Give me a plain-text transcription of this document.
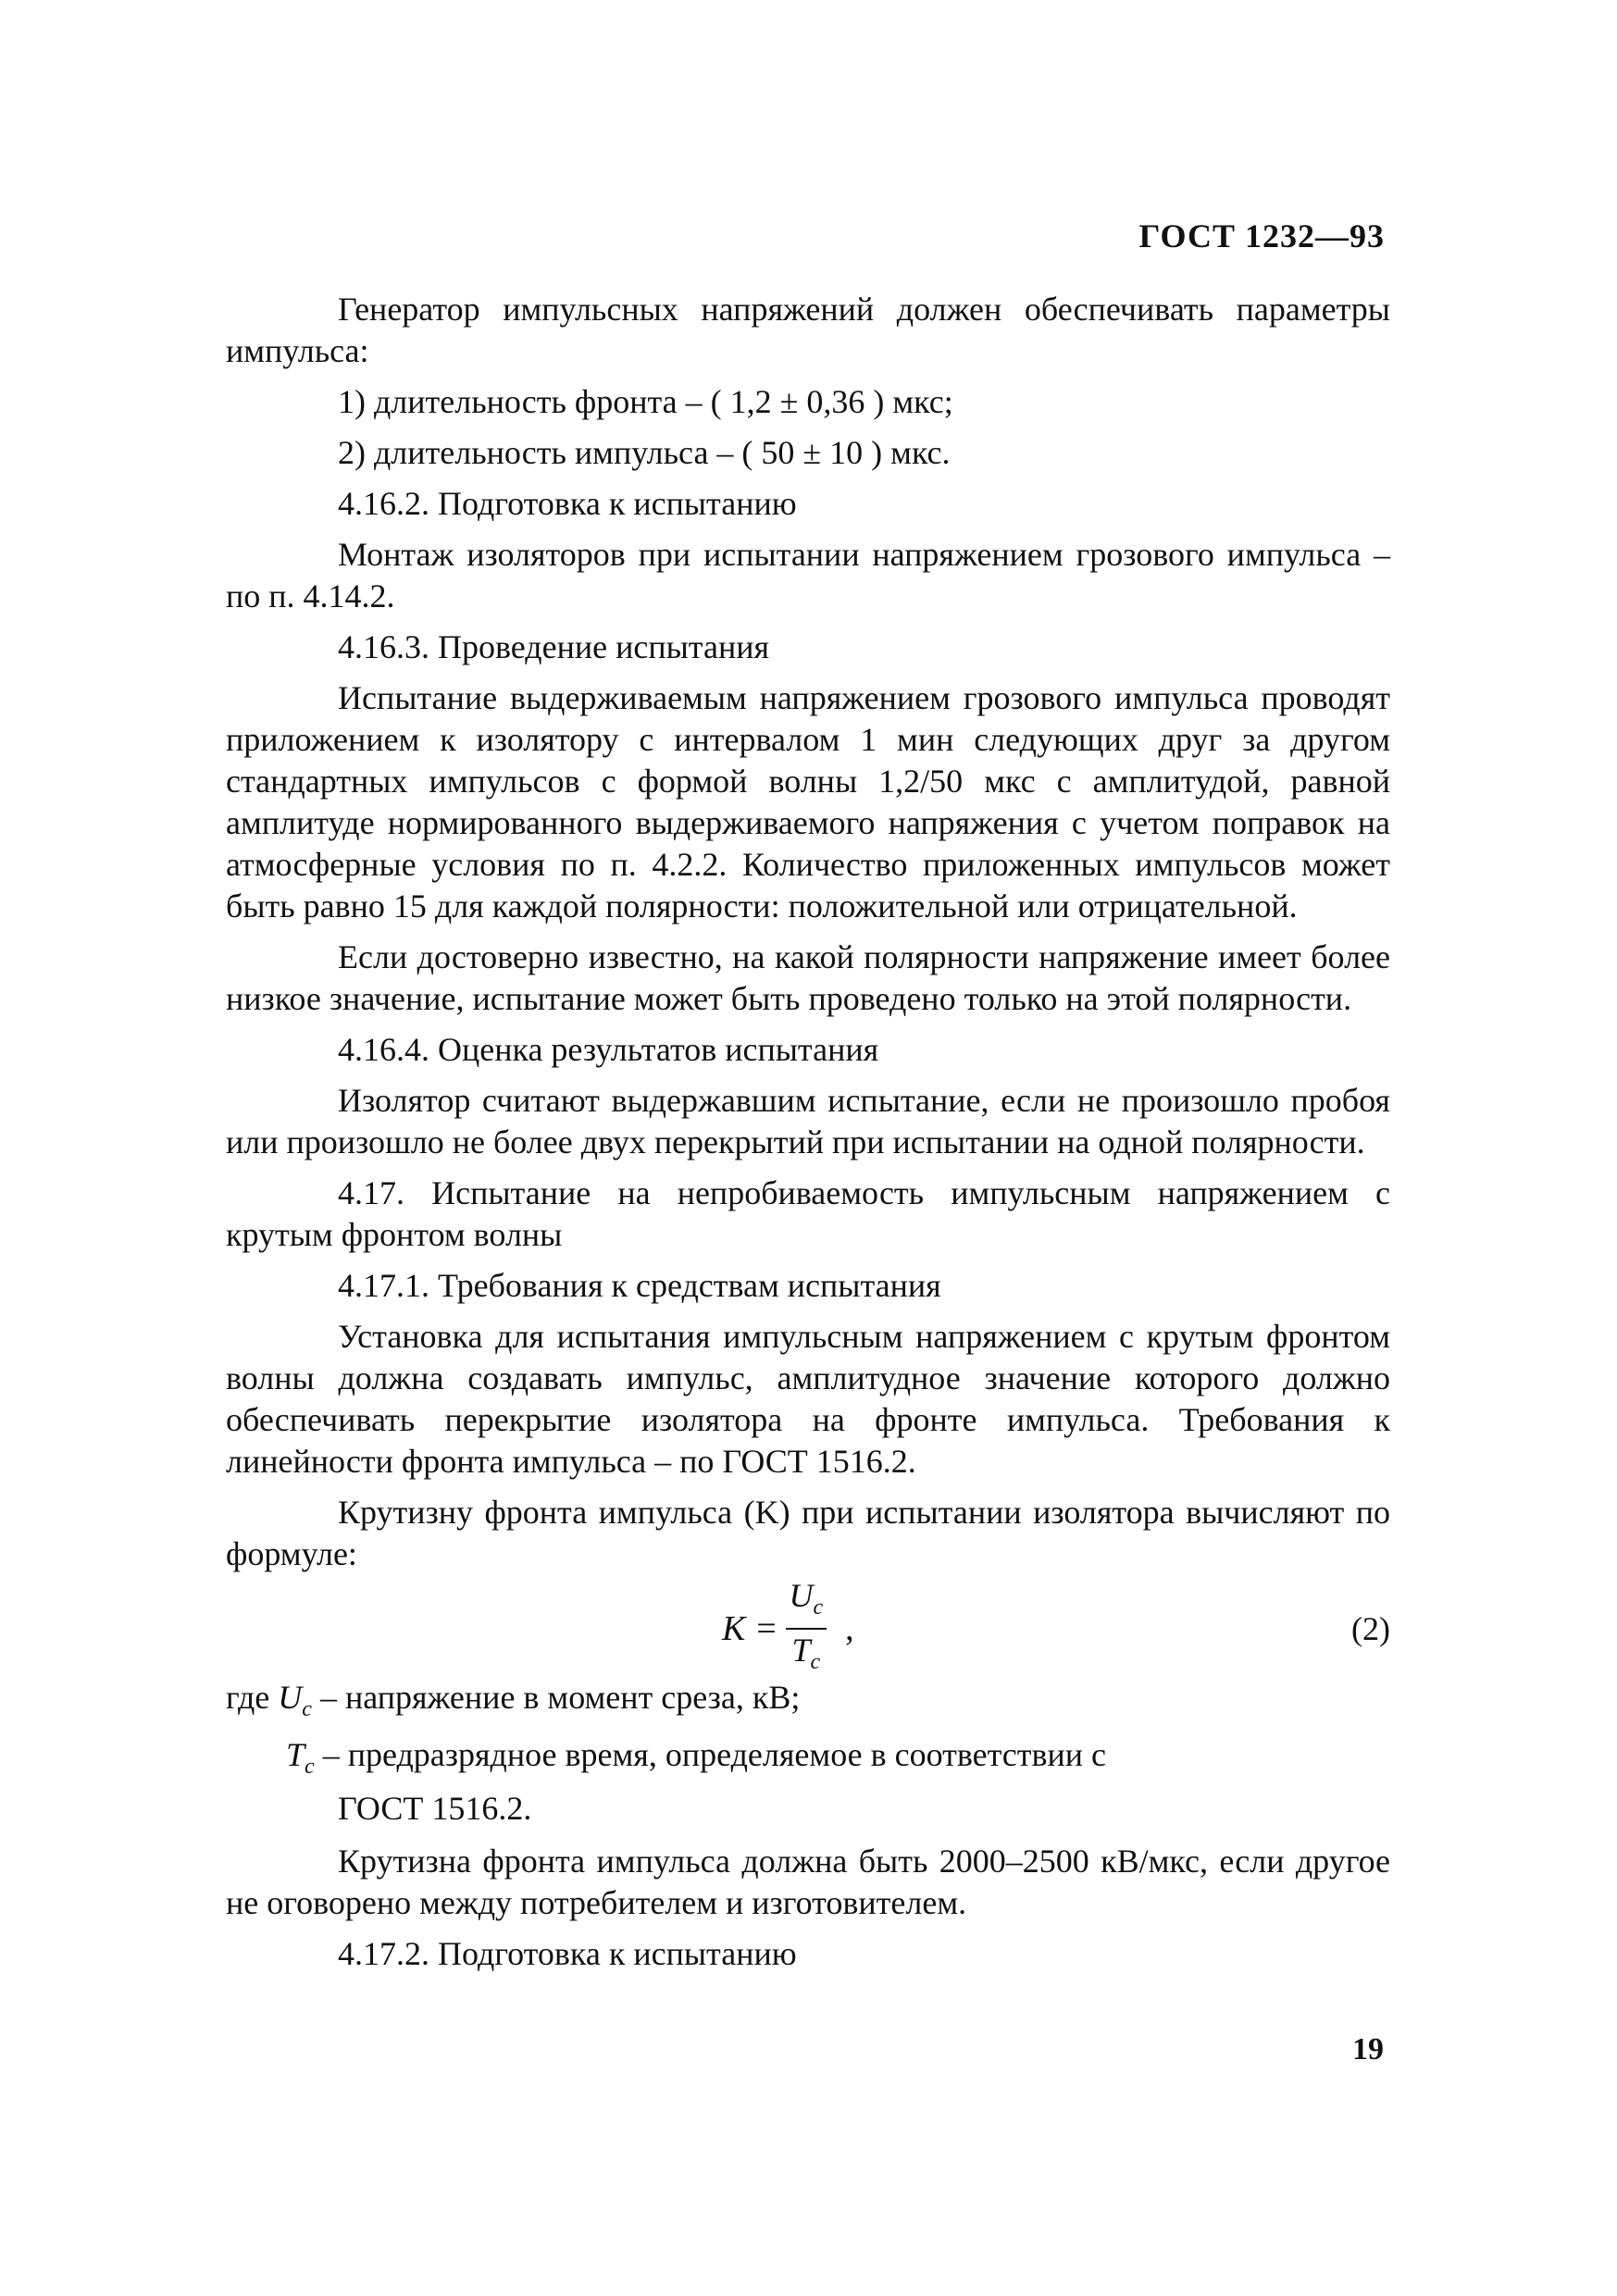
ГОСТ 1232—93

Генератор импульсных напряжений должен обеспечивать параметры импульса:

1) длительность фронта – ( 1,2 ± 0,36 ) мкс;

2) длительность импульса – ( 50 ± 10 ) мкс.

4.16.2. Подготовка к испытанию

Монтаж изоляторов при испытании напряжением грозового импульса – по п. 4.14.2.

4.16.3. Проведение испытания

Испытание выдерживаемым напряжением грозового импульса проводят приложением к изолятору с интервалом 1 мин следующих друг за другом стандартных импульсов с формой волны 1,2/50 мкс с амплитудой, равной амплитуде нормированного выдерживаемого напряжения с учетом поправок на атмосферные условия по п. 4.2.2. Количество приложенных импульсов может быть равно 15 для каждой полярности: положительной или отрицательной.

Если достоверно известно, на какой полярности напряжение имеет более низкое значение, испытание может быть проведено только на этой полярности.

4.16.4. Оценка результатов испытания

Изолятор считают выдержавшим испытание, если не произошло пробоя или произошло не более двух перекрытий при испытании на одной полярности.

4.17. Испытание на непробиваемость импульсным напряжением с крутым фронтом волны

4.17.1. Требования к средствам испытания

Установка для испытания импульсным напряжением с крутым фронтом волны должна создавать импульс, амплитудное значение которого должно обеспечивать перекрытие изолятора на фронте импульса. Требования к линейности фронта импульса – по ГОСТ 1516.2.

Крутизну фронта импульса (K) при испытании изолятора вычисляют по формуле:

$K = \frac{U_c}{T_c}$ ,	(2)
где $U_c$ – напряжение в момент среза, кВ;
$T_c$ – предразрядное время, определяемое в соответствии с
ГОСТ 1516.2.

Крутизна фронта импульса должна быть 2000–2500 кВ/мкс, если другое не оговорено между потребителем и изготовителем.

4.17.2. Подготовка к испытанию

19
